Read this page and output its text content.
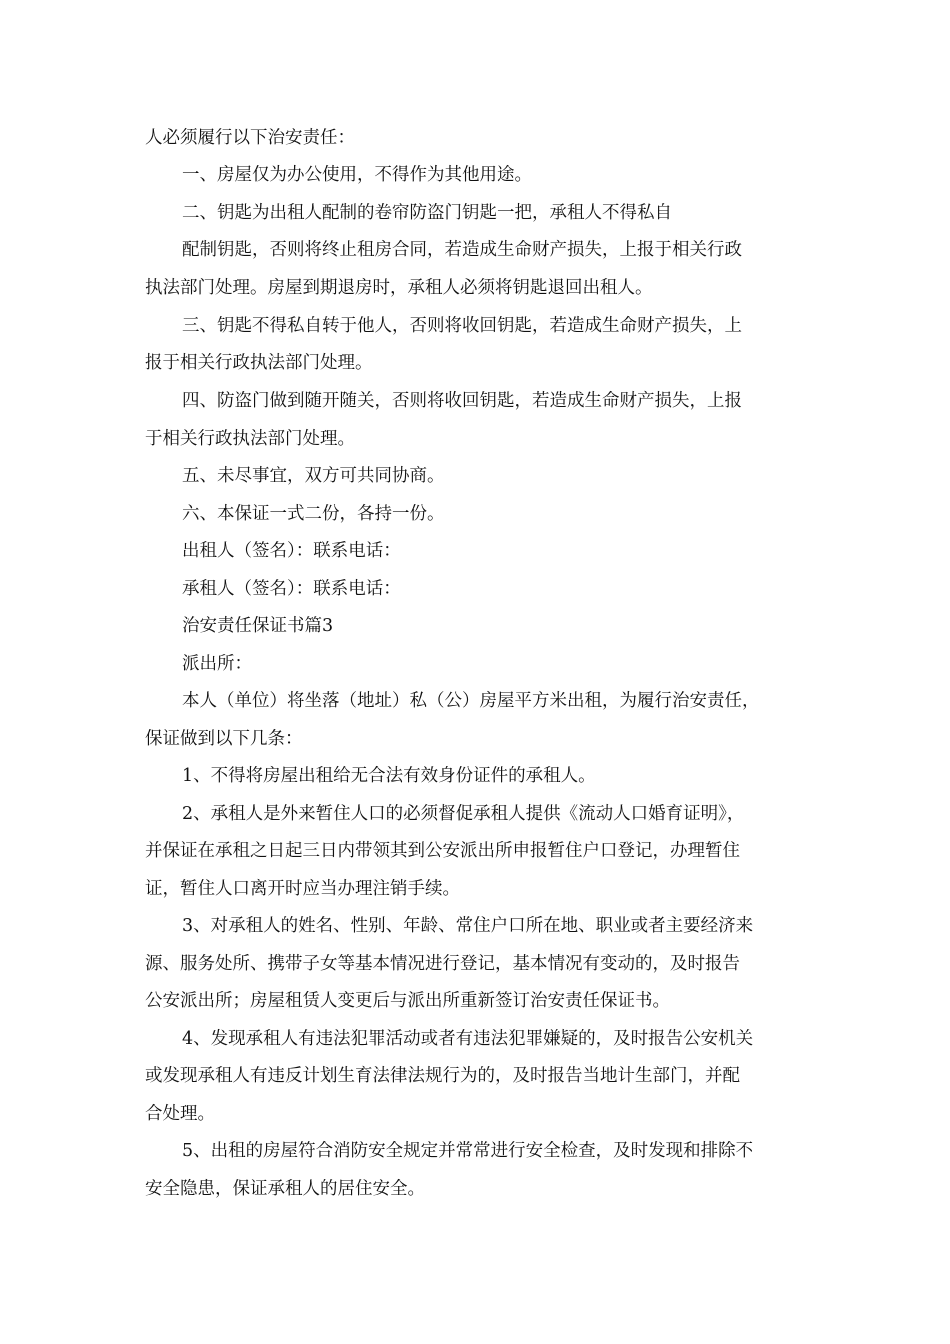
人必须履行以下治安责任：
一、房屋仅为办公使用，不得作为其他用途。
二、钥匙为出租人配制的卷帘防盗门钥匙一把，承租人不得私自
配制钥匙，否则将终止租房合同，若造成生命财产损失，上报于相关行政
执法部门处理。房屋到期退房时，承租人必须将钥匙退回出租人。
三、钥匙不得私自转于他人，否则将收回钥匙，若造成生命财产损失，上
报于相关行政执法部门处理。
四、防盗门做到随开随关，否则将收回钥匙，若造成生命财产损失，上报
于相关行政执法部门处理。
五、未尽事宜，双方可共同协商。
六、本保证一式二份，各持一份。
出租人（签名）：联系电话：
承租人（签名）：联系电话：
治安责任保证书篇3
派出所：
本人（单位）将坐落（地址）私（公）房屋平方米出租，为履行治安责任，
保证做到以下几条：
1、不得将房屋出租给无合法有效身份证件的承租人。
2、承租人是外来暂住人口的必须督促承租人提供《流动人口婚育证明》，
并保证在承租之日起三日内带领其到公安派出所申报暂住户口登记，办理暂住
证，暂住人口离开时应当办理注销手续。
3、对承租人的姓名、性别、年龄、常住户口所在地、职业或者主要经济来
源、服务处所、携带子女等基本情况进行登记，基本情况有变动的，及时报告
公安派出所；房屋租赁人变更后与派出所重新签订治安责任保证书。
4、发现承租人有违法犯罪活动或者有违法犯罪嫌疑的，及时报告公安机关
或发现承租人有违反计划生育法律法规行为的，及时报告当地计生部门，并配
合处理。
5、出租的房屋符合消防安全规定并常常进行安全检查，及时发现和排除不
安全隐患，保证承租人的居住安全。
